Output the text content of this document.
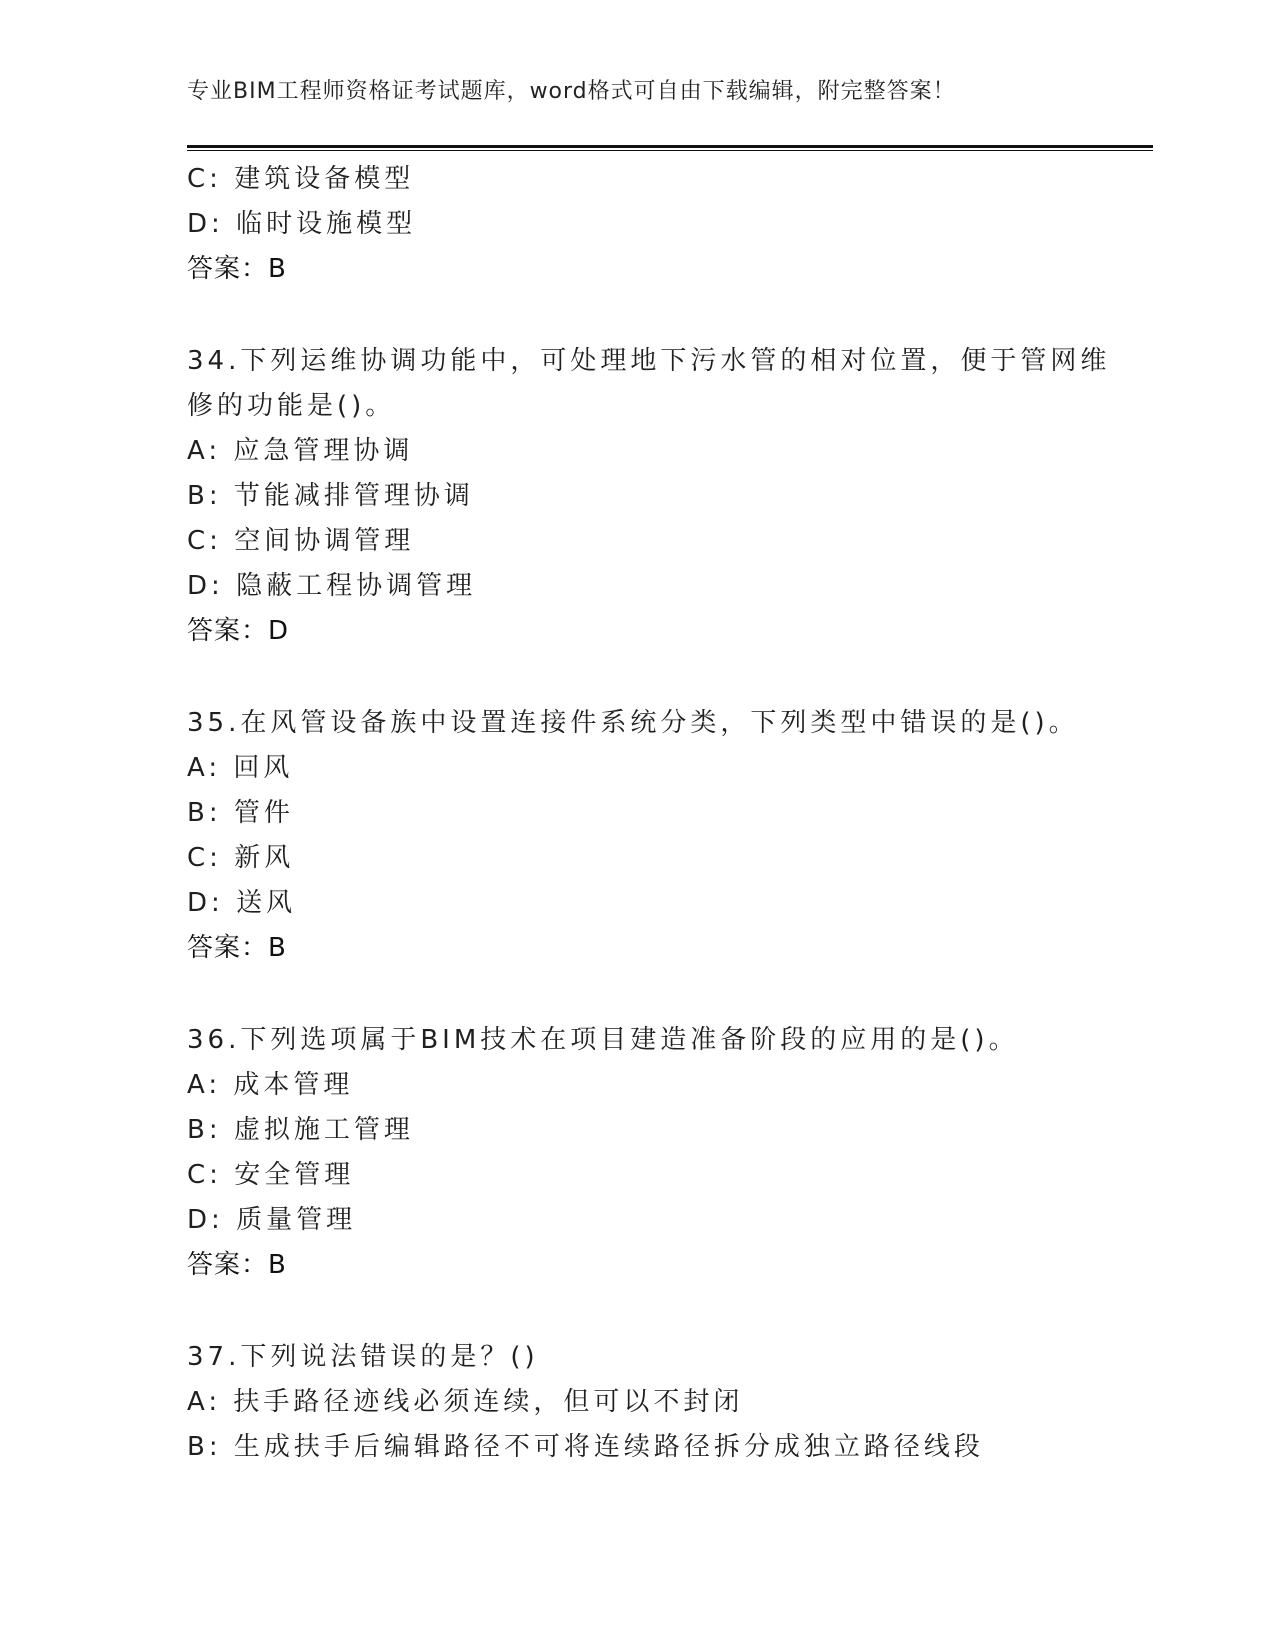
专业BIM工程师资格证考试题库，word格式可自由下载编辑，附完整答案！
C: 建筑设备模型
D: 临时设施模型
答案：B
34.下列运维协调功能中，可处理地下污水管的相对位置，便于管网维
修的功能是()。
A: 应急管理协调
B: 节能减排管理协调
C: 空间协调管理
D: 隐蔽工程协调管理
答案：D
35.在风管设备族中设置连接件系统分类，下列类型中错误的是()。
A: 回风
B: 管件
C: 新风
D: 送风
答案：B
36.下列选项属于BIM技术在项目建造准备阶段的应用的是()。
A: 成本管理
B: 虚拟施工管理
C: 安全管理
D: 质量管理
答案：B
37.下列说法错误的是？()
A: 扶手路径迹线必须连续，但可以不封闭
B: 生成扶手后编辑路径不可将连续路径拆分成独立路径线段
